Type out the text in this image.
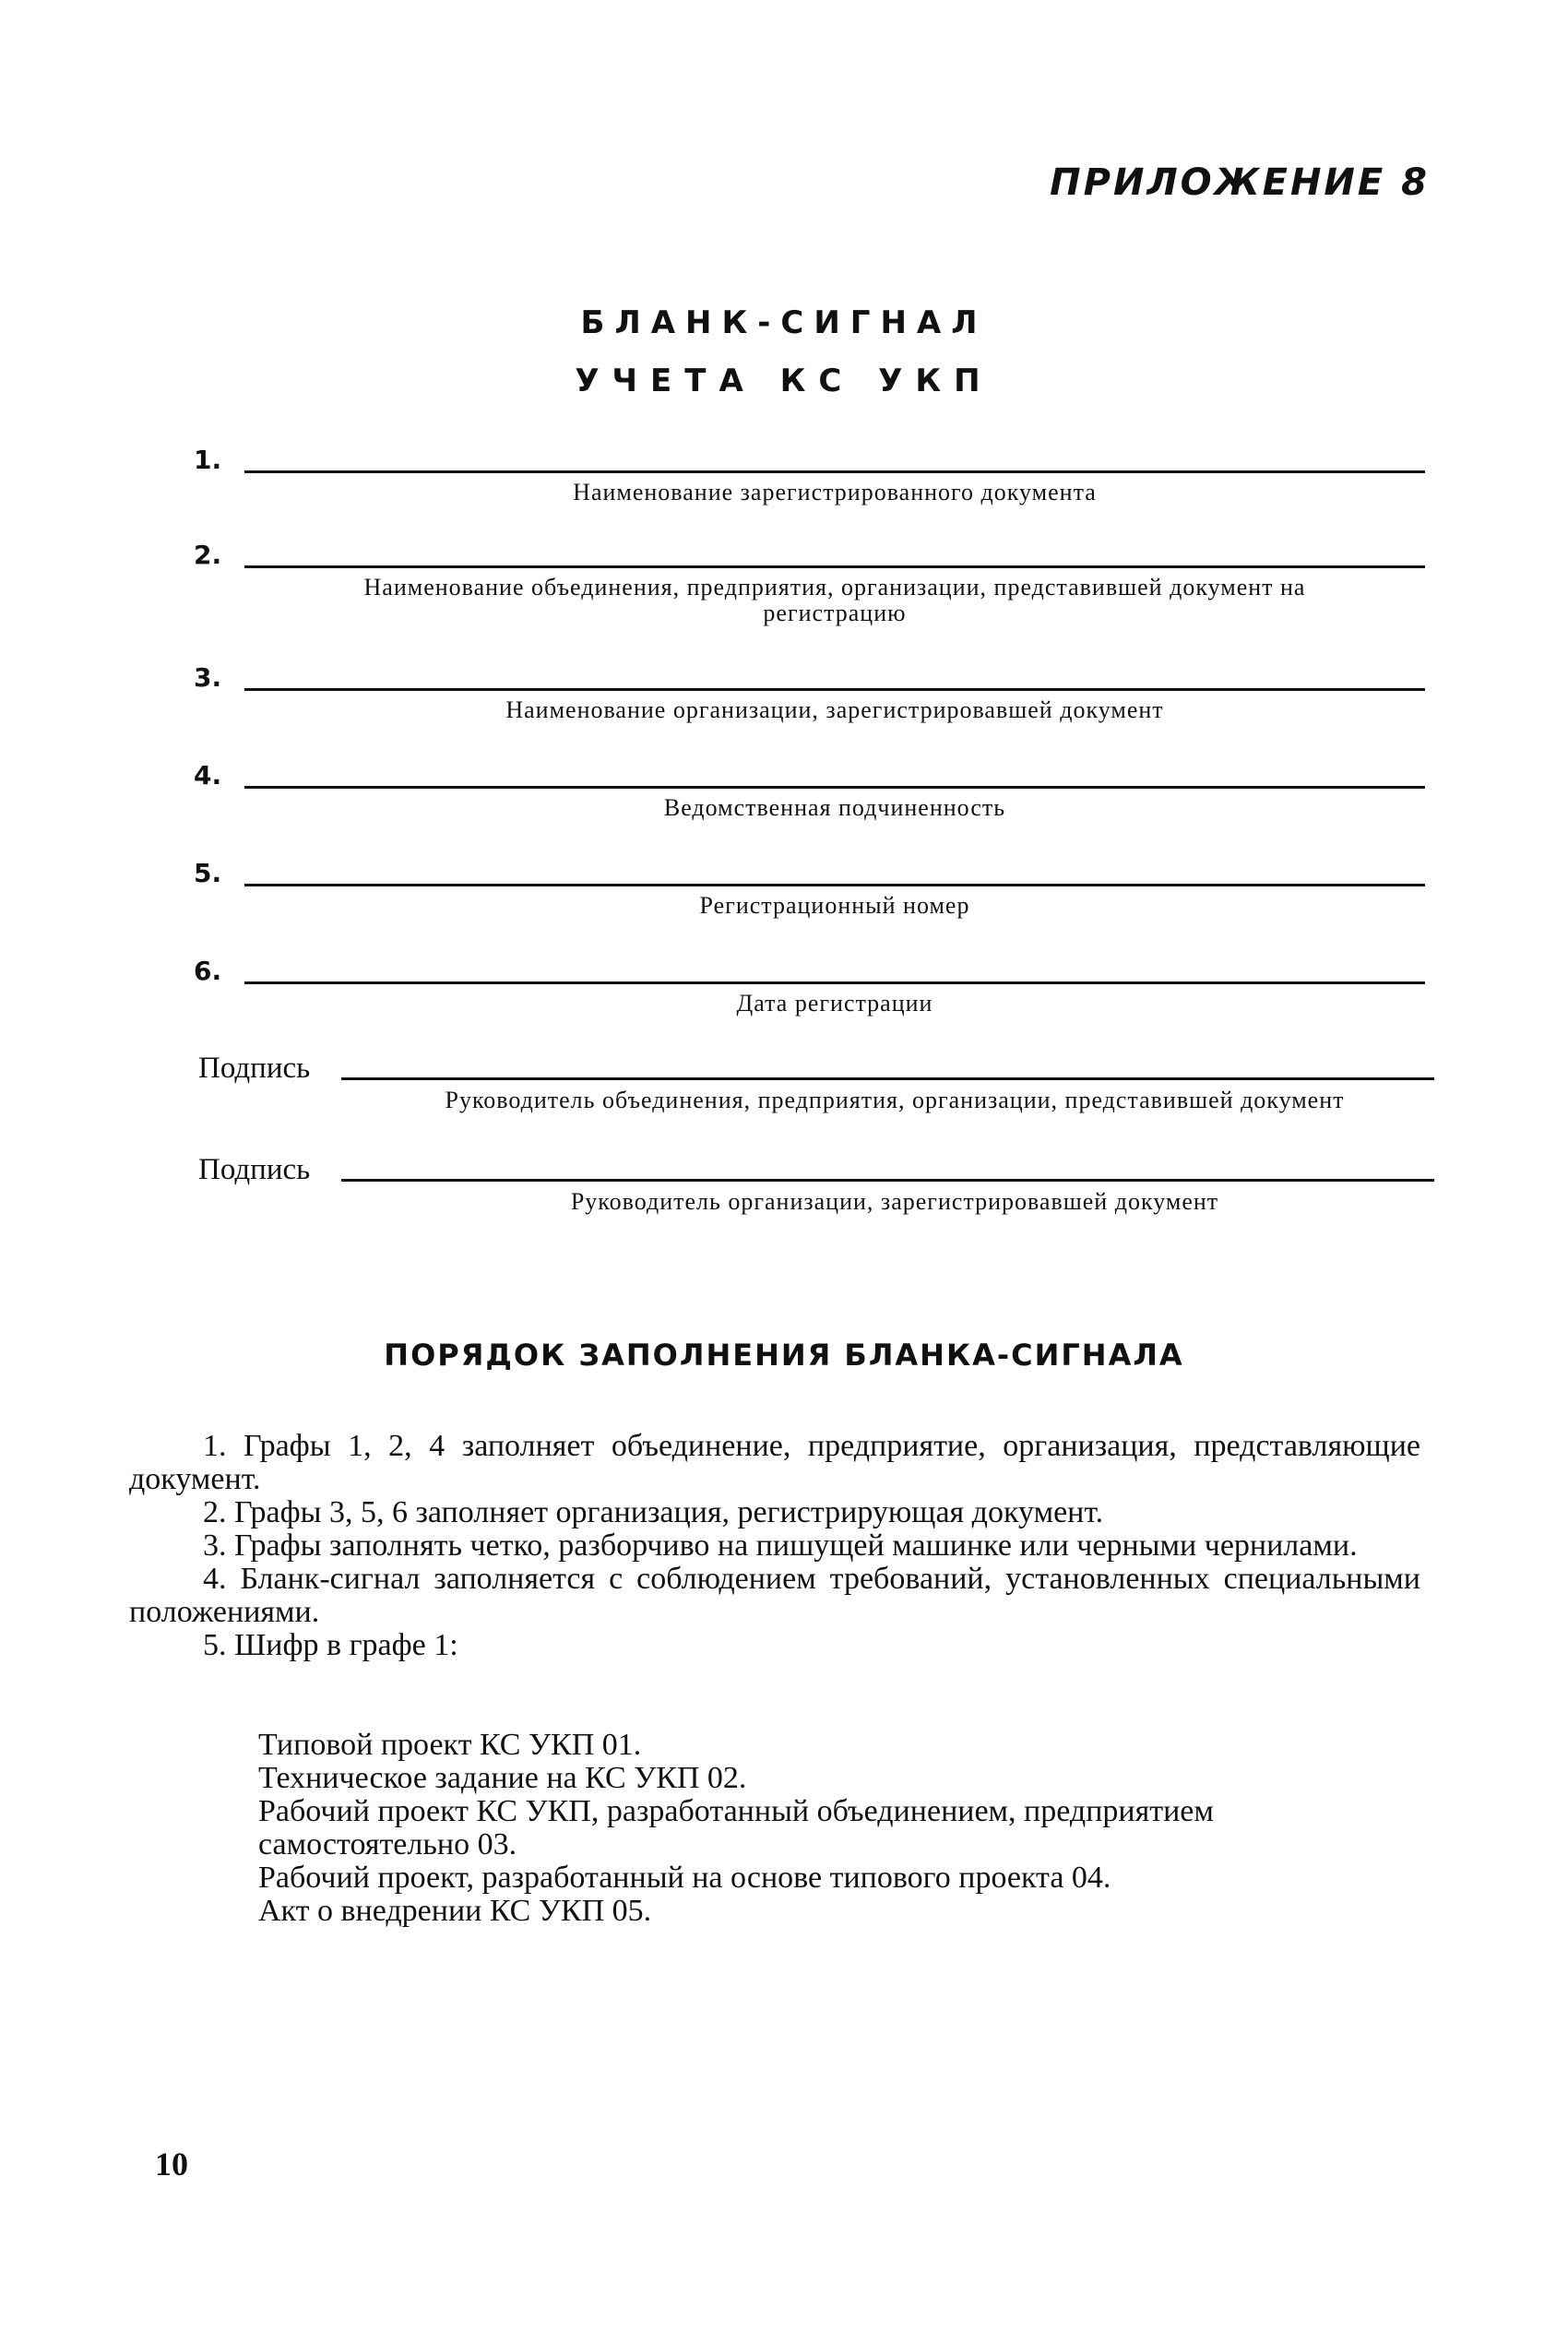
ПРИЛОЖЕНИЕ 8
БЛАНК-СИГНАЛ
УЧЕТА КС УКП
1.
Наименование зарегистрированного документа
2.
Наименование объединения, предприятия, организации, представившей документ на регистрацию
3.
Наименование организации, зарегистрировавшей документ
4.
Ведомственная подчиненность
5.
Регистрационный номер
6.
Дата регистрации
Подпись
Руководитель объединения, предприятия, организации, представившей документ
Подпись
Руководитель организации, зарегистрировавшей документ
ПОРЯДОК ЗАПОЛНЕНИЯ БЛАНКА-СИГНАЛА

1. Графы 1, 2, 4 заполняет объединение, предприятие, организация, представляющие документ.

2. Графы 3, 5, 6 заполняет организация, регистрирующая документ.

3. Графы заполнять четко, разборчиво на пишущей машинке или черными чернилами.

4. Бланк-сигнал заполняется с соблюдением требований, установленных специальными положениями.

5. Шифр в графе 1:

Типовой проект КС УКП 01.
Техническое задание на КС УКП 02.
Рабочий проект КС УКП, разработанный объединением, предприятием самостоятельно 03.
Рабочий проект, разработанный на основе типового проекта 04.
Акт о внедрении КС УКП 05.
10
